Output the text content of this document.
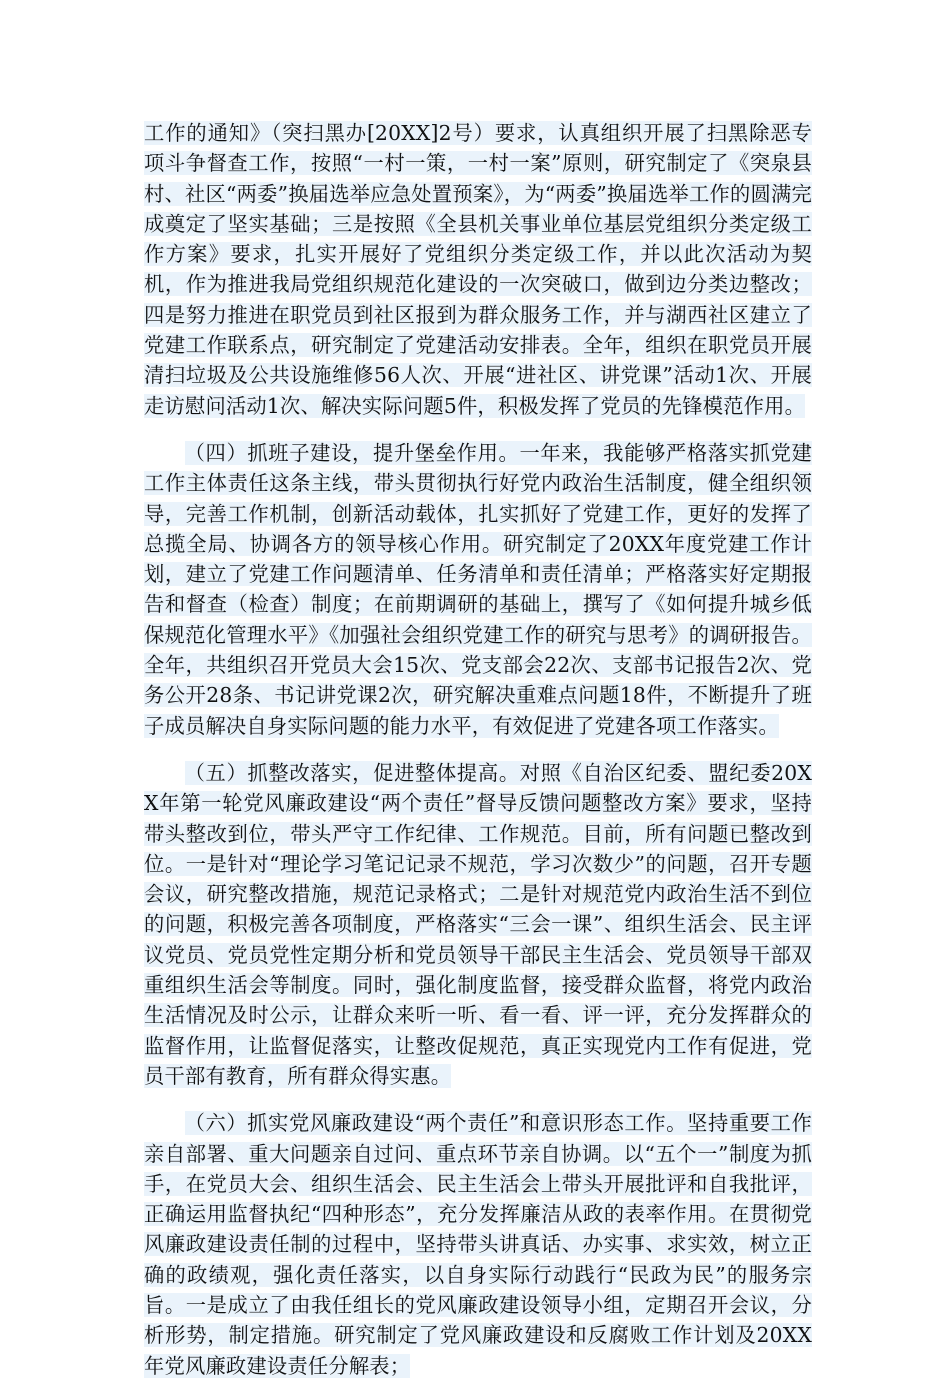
工作的通知》（突扫黑办[20XX]2号）要求，认真组织开展了扫黑除恶专项斗争督查工作，按照“一村一策，一村一案”原则，研究制定了《突泉县村、社区“两委”换届选举应急处置预案》，为“两委”换届选举工作的圆满完成奠定了坚实基础；三是按照《全县机关事业单位基层党组织分类定级工作方案》要求，扎实开展好了党组织分类定级工作，并以此次活动为契机，作为推进我局党组织规范化建设的一次突破口，做到边分类边整改；四是努力推进在职党员到社区报到为群众服务工作，并与湖西社区建立了党建工作联系点，研究制定了党建活动安排表。全年，组织在职党员开展清扫垃圾及公共设施维修56人次、开展“进社区、讲党课”活动1次、开展走访慰问活动1次、解决实际问题5件，积极发挥了党员的先锋模范作用。

（四）抓班子建设，提升堡垒作用。一年来，我能够严格落实抓党建工作主体责任这条主线，带头贯彻执行好党内政治生活制度，健全组织领导，完善工作机制，创新活动载体，扎实抓好了党建工作，更好的发挥了总揽全局、协调各方的领导核心作用。研究制定了20XX年度党建工作计划，建立了党建工作问题清单、任务清单和责任清单；严格落实好定期报告和督查（检查）制度；在前期调研的基础上，撰写了《如何提升城乡低保规范化管理水平》《加强社会组织党建工作的研究与思考》的调研报告。全年，共组织召开党员大会15次、党支部会22次、支部书记报告2次、党务公开28条、书记讲党课2次，研究解决重难点问题18件，不断提升了班子成员解决自身实际问题的能力水平，有效促进了党建各项工作落实。

（五）抓整改落实，促进整体提高。对照《自治区纪委、盟纪委20XX年第一轮党风廉政建设“两个责任”督导反馈问题整改方案》要求，坚持带头整改到位，带头严守工作纪律、工作规范。目前，所有问题已整改到位。一是针对“理论学习笔记记录不规范，学习次数少”的问题，召开专题会议，研究整改措施，规范记录格式；二是针对规范党内政治生活不到位的问题，积极完善各项制度，严格落实“三会一课”、组织生活会、民主评议党员、党员党性定期分析和党员领导干部民主生活会、党员领导干部双重组织生活会等制度。同时，强化制度监督，接受群众监督，将党内政治生活情况及时公示，让群众来听一听、看一看、评一评，充分发挥群众的监督作用，让监督促落实，让整改促规范，真正实现党内工作有促进，党员干部有教育，所有群众得实惠。

（六）抓实党风廉政建设“两个责任”和意识形态工作。坚持重要工作亲自部署、重大问题亲自过问、重点环节亲自协调。以“五个一”制度为抓手，在党员大会、组织生活会、民主生活会上带头开展批评和自我批评，正确运用监督执纪“四种形态”，充分发挥廉洁从政的表率作用。在贯彻党风廉政建设责任制的过程中，坚持带头讲真话、办实事、求实效，树立正确的政绩观，强化责任落实，以自身实际行动践行“民政为民”的服务宗旨。一是成立了由我任组长的党风廉政建设领导小组，定期召开会议，分析形势，制定措施。研究制定了党风廉政建设和反腐败工作计划及20XX年党风廉政建设责任分解表；
